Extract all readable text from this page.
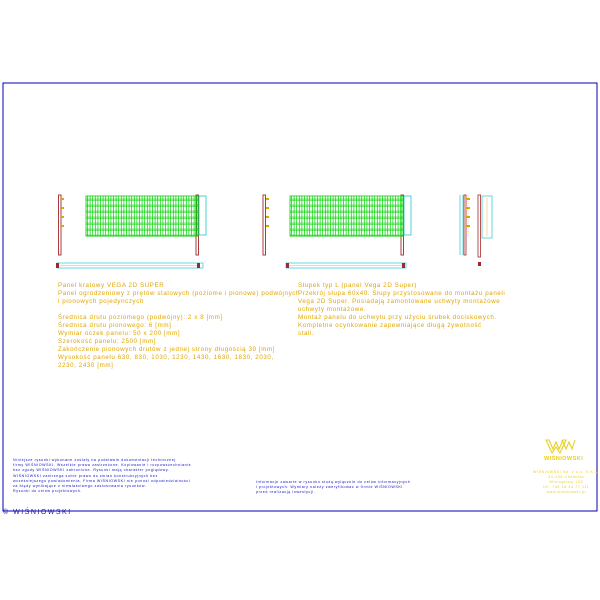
Panel kratowy VEGA 2D SUPER
Panel ogrodzeniowy z prętów stalowych (poziome i pionowe) podwójnych
i pionowych pojedynczych

Średnica drutu poziomego (podwójny): 2 x 8 [mm]
Średnica drutu pionowego: 6 [mm]
Wymiar oczek panelu: 50 x 200 [mm]
Szerokość panelu: 2500 [mm]
Zakończenie pionowych drutów z jednej strony długością 30 [mm]
Wysokość panelu 630, 830, 1030, 1230, 1430, 1630, 1830, 2030,
2230, 2430 [mm]
Słupek typ L (panel Vega 2D Super)
Przekrój słupa 60x40. Słupy przystosowane do montażu paneli
Vega 2D Super. Posiadają zamontowane uchwyty montażowe
uchwyty montażowe.
Montaż panelu do uchwytu przy użyciu śrubek dociskowych.
Kompletne ocynkowanie zapewniające długą żywotność
stali.
Niniejsze rysunki wykonane zostały na podstawie dokumentacji technicznej
firmy WIŚNIOWSKI. Wszelkie prawa zastrzeżone. Kopiowanie i rozpowszechnianie
bez zgody WIŚNIOWSKI zabronione. Rysunki mają charakter poglądowy.
WIŚNIOWSKI zastrzega sobie prawo do zmian konstrukcyjnych bez
wcześniejszego powiadomienia. Firma WIŚNIOWSKI nie ponosi odpowiedzialności
za błędy wynikające z niewłaściwego zastosowania rysunków.
Rysunki do celów projektowych.
Informacje zawarte w rysunku służą wyłącznie do celów informacyjnych
i projektowych. Wymiary należy zweryfikować w firmie WIŚNIOWSKI
przed realizacją inwestycji.
WIŚNIOWSKI
WIŚNIOWSKI Sp. z o.o. S.K.A.
33-395 Chełmiec
Wielogłowy 153
tel. +48 18 44 77 111
www.wisniowski.pl
© WIŚNIOWSKI
